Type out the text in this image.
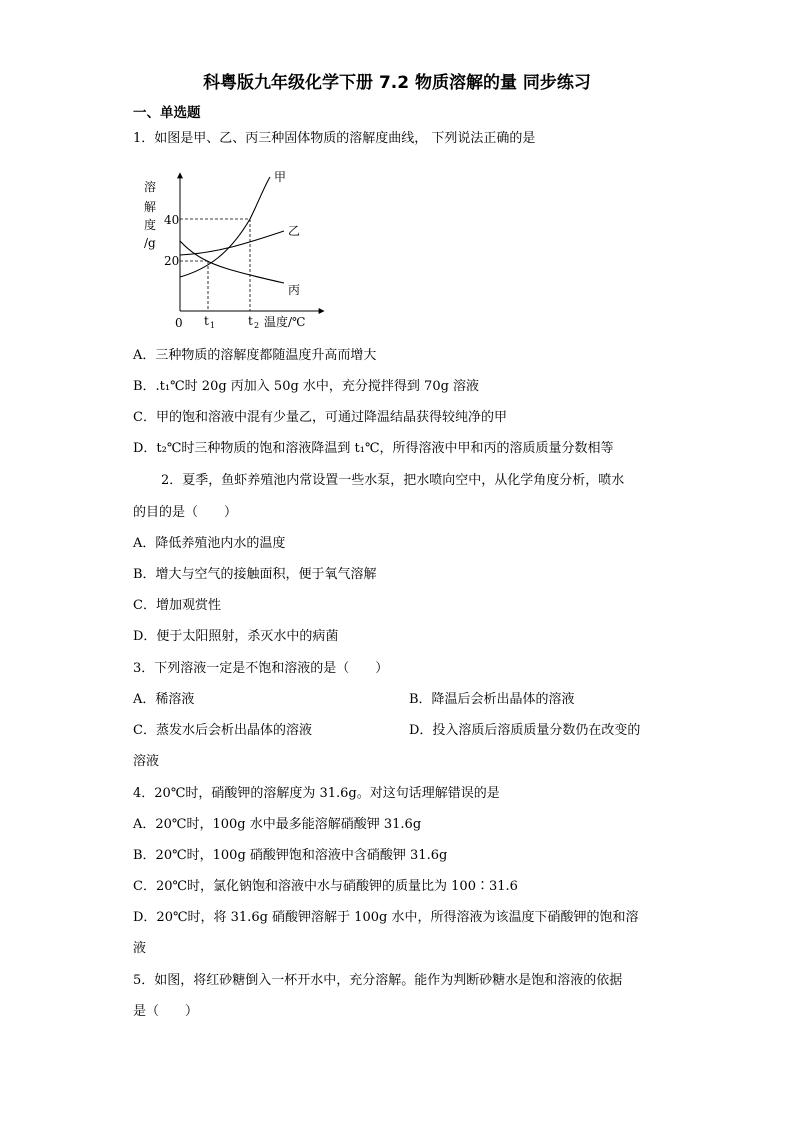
科粤版九年级化学下册 7.2 物质溶解的量 同步练习
一、单选题
1．如图是甲、乙、丙三种固体物质的溶解度曲线， 下列说法正确的是
溶
解
度
/g
40
20
甲
乙
丙
0 t 1	t 2 温度/℃
A．三种物质的溶解度都随温度升高而增大
B．.t₁℃时 20g 丙加入 50g 水中，充分搅拌得到 70g 溶液
C．甲的饱和溶液中混有少量乙，可通过降温结晶获得较纯净的甲
D．t₂℃时三种物质的饱和溶液降温到 t₁℃，所得溶液中甲和丙的溶质质量分数相等
2．夏季，鱼虾养殖池内常设置一些水泵，把水喷向空中，从化学角度分析，喷水
的目的是（　　）
A．降低养殖池内水的温度
B．增大与空气的接触面积，便于氧气溶解
C．增加观赏性
D．便于太阳照射，杀灭水中的病菌
3．下列溶液一定是不饱和溶液的是（　　）
A．稀溶液	B．降温后会析出晶体的溶液
C．蒸发水后会析出晶体的溶液	D．投入溶质后溶质质量分数仍在改变的
溶液
4．20℃时，硝酸钾的溶解度为 31.6g。对这句话理解错误的是
A．20℃时，100g 水中最多能溶解硝酸钾 31.6g
B．20℃时，100g 硝酸钾饱和溶液中含硝酸钾 31.6g
C．20℃时，氯化钠饱和溶液中水与硝酸钾的质量比为 100∶31.6
D．20℃时，将 31.6g 硝酸钾溶解于 100g 水中，所得溶液为该温度下硝酸钾的饱和溶
液
5．如图，将红砂糖倒入一杯开水中，充分溶解。能作为判断砂糖水是饱和溶液的依据
是（　　）
